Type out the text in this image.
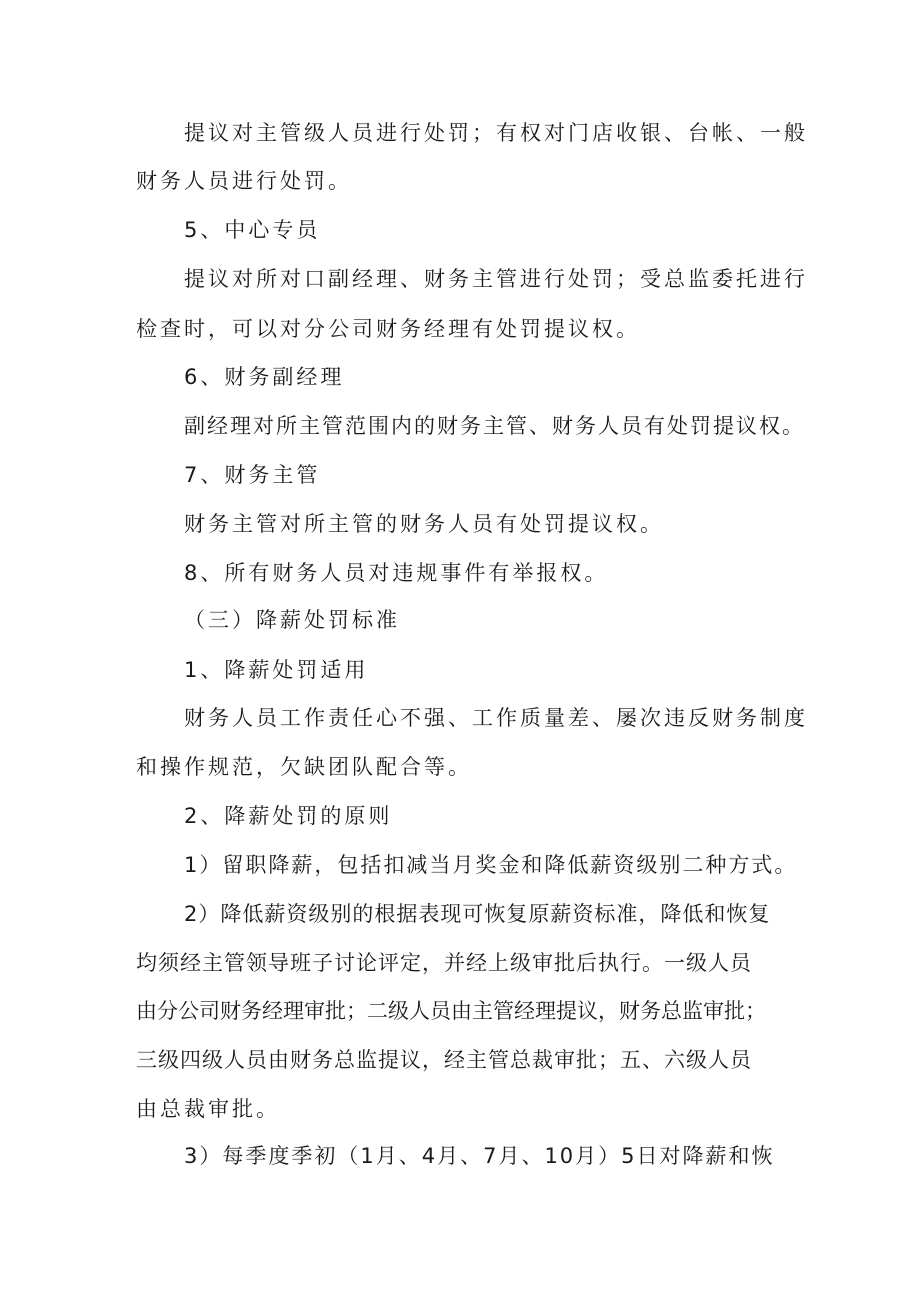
提议对主管级人员进行处罚；有权对门店收银、台帐、一般
财务人员进行处罚。
5、中心专员
提议对所对口副经理、财务主管进行处罚；受总监委托进行
检查时，可以对分公司财务经理有处罚提议权。
6、财务副经理
副经理对所主管范围内的财务主管、财务人员有处罚提议权。
7、财务主管
财务主管对所主管的财务人员有处罚提议权。
8、所有财务人员对违规事件有举报权。
（三）降薪处罚标准
1、降薪处罚适用
财务人员工作责任心不强、工作质量差、屡次违反财务制度
和操作规范，欠缺团队配合等。
2、降薪处罚的原则
1）留职降薪，包括扣减当月奖金和降低薪资级别二种方式。
2）降低薪资级别的根据表现可恢复原薪资标准，降低和恢复
均须经主管领导班子讨论评定，并经上级审批后执行。一级人员
由分公司财务经理审批；二级人员由主管经理提议，财务总监审批；
三级四级人员由财务总监提议，经主管总裁审批；五、六级人员
由总裁审批。
3）每季度季初（1月、4月、7月、10月）5日对降薪和恢
